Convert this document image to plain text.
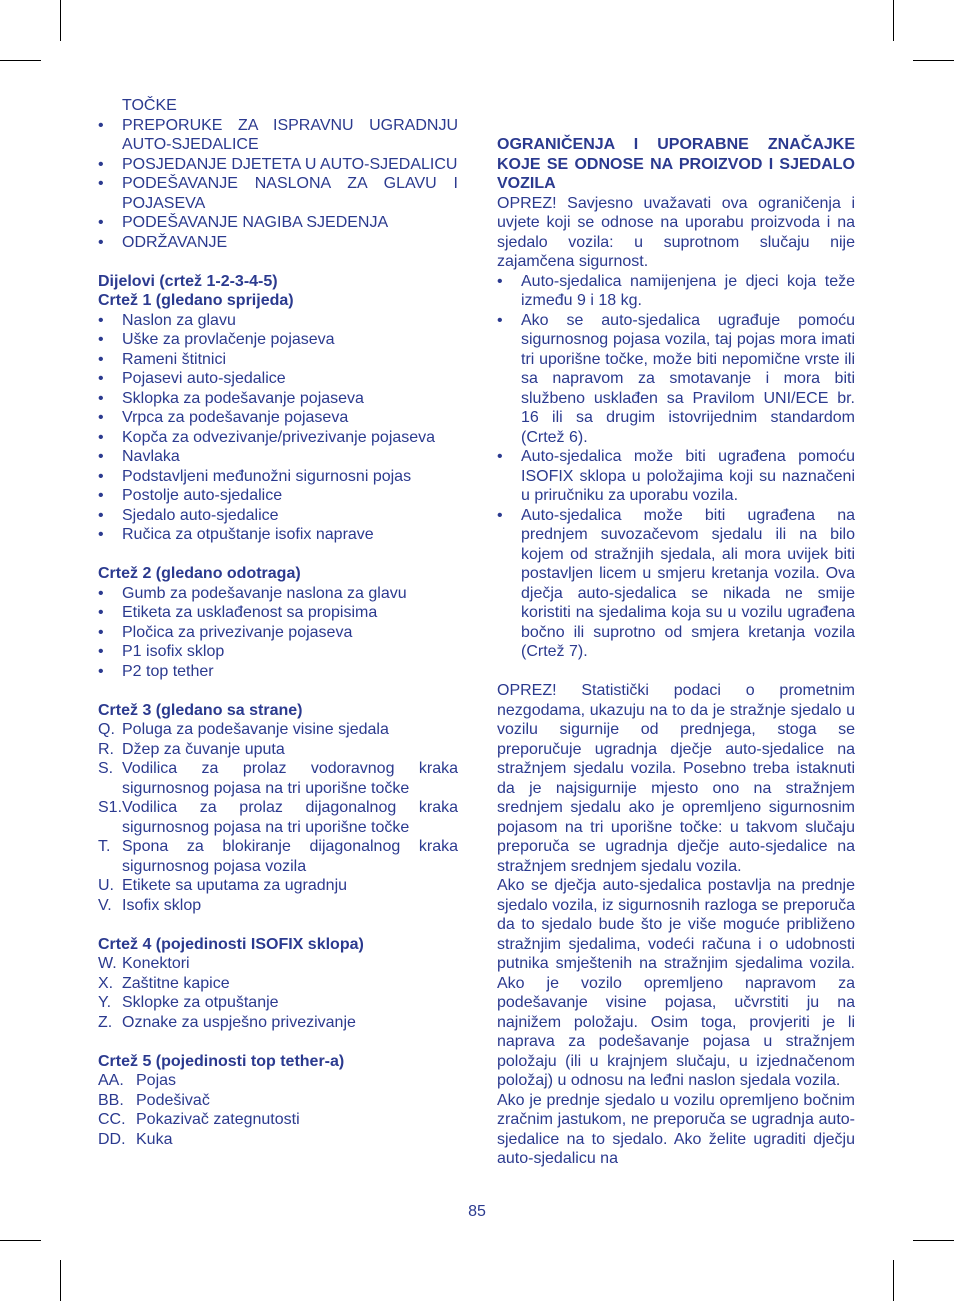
TOČKE
• PREPORUKE ZA ISPRAVNU UGRADNJU AUTO-SJEDALICE
• POSJEDANJE DJETETA U AUTO-SJEDALICU
• PODEŠAVANJE NASLONA ZA GLAVU I POJASEVA
• PODEŠAVANJE NAGIBA SJEDENJA
• ODRŽAVANJE
Dijelovi (crtež 1-2-3-4-5)
Crtež 1 (gledano sprijeda)
• Naslon za glavu
• Uške za provlačenje pojaseva
• Rameni štitnici
• Pojasevi auto-sjedalice
• Sklopka za podešavanje pojaseva
• Vrpca za podešavanje pojaseva
• Kopča za odvezivanje/privezivanje pojaseva
• Navlaka
• Podstavljeni međunožni sigurnosni pojas
• Postolje auto-sjedalice
• Sjedalo auto-sjedalice
• Ručica za otpuštanje isofix naprave
Crtež 2 (gledano odotraga)
• Gumb za podešavanje naslona za glavu
• Etiketa za usklađenost sa propisima
• Pločica za privezivanje pojaseva
• P1 isofix sklop
• P2 top tether
Crtež 3 (gledano sa strane)
Q. Poluga za podešavanje visine sjedala
R. Džep za čuvanje uputa
S. Vodilica za prolaz vodoravnog kraka sigurnosnog pojasa na tri uporišne točke
S1. Vodilica za prolaz dijagonalnog kraka sigurnosnog pojasa na tri uporišne točke
T. Spona za blokiranje dijagonalnog kraka sigurnosnog pojasa vozila
U. Etikete sa uputama za ugradnju
V. Isofix sklop
Crtež 4 (pojedinosti ISOFIX sklopa)
W. Konektori
X. Zaštitne kapice
Y. Sklopke za otpuštanje
Z. Oznake za uspješno privezivanje
Crtež 5 (pojedinosti top tether-a)
AA. Pojas
BB. Podešivač
CC. Pokazivač zategnutosti
DD. Kuka
OGRANIČENJA I UPORABNE ZNAČAJKE KOJE SE ODNOSE NA PROIZVOD I SJEDALO VOZILA

OPREZ! Savjesno uvažavati ova ograničenja i uvjete koji se odnose na uporabu proizvoda i na sjedalo vozila: u suprotnom slučaju nije zajamčena sigurnost.

• Auto-sjedalica namijenjena je djeci koja teže između 9 i 18 kg.
• Ako se auto-sjedalica ugrađuje pomoću sigurnosnog pojasa vozila, taj pojas mora imati tri uporišne točke, može biti nepomične vrste ili sa napravom za smotavanje i mora biti službeno usklađen sa Pravilom UNI/ECE br. 16 ili sa drugim istovrijednim standardom (Crtež 6).
• Auto-sjedalica može biti ugrađena pomoću ISOFIX sklopa u položajima koji su naznačeni u priručniku za uporabu vozila.
• Auto-sjedalica može biti ugrađena na prednjem suvozačevom sjedalu ili na bilo kojem od stražnjih sjedala, ali mora uvijek biti postavljen licem u smjeru kretanja vozila. Ova dječja auto-sjedalica se nikada ne smije koristiti na sjedalima koja su u vozilu ugrađena bočno ili suprotno od smjera kretanja vozila (Crtež 7).

OPREZ! Statistički podaci o prometnim nezgodama, ukazuju na to da je stražnje sjedalo u vozilu sigurnije od prednjega, stoga se preporučuje ugradnja dječje auto-sjedalice na stražnjem sjedalu vozila. Posebno treba istaknuti da je najsigurnije mjesto ono na stražnjem srednjem sjedalu ako je opremljeno sigurnosnim pojasom na tri uporišne točke: u takvom slučaju preporuča se ugradnja dječje auto-sjedalice na stražnjem srednjem sjedalu vozila.

Ako se dječja auto-sjedalica postavlja na prednje sjedalo vozila, iz sigurnosnih razloga se preporuča da to sjedalo bude što je više moguće približeno stražnjim sjedalima, vodeći računa i o udobnosti putnika smještenih na stražnjim sjedalima vozila. Ako je vozilo opremljeno napravom za podešavanje visine pojasa, učvrstiti ju na najnižem položaju. Osim toga, provjeriti je li naprava za podešavanje pojasa u stražnjem položaju (ili u krajnjem slučaju, u izjednačenom položaj) u odnosu na leđni naslon sjedala vozila.

Ako je prednje sjedalo u vozilu opremljeno bočnim zračnim jastukom, ne preporuča se ugradnja auto-sjedalice na to sjedalo. Ako želite ugraditi dječju auto-sjedalicu na

85
